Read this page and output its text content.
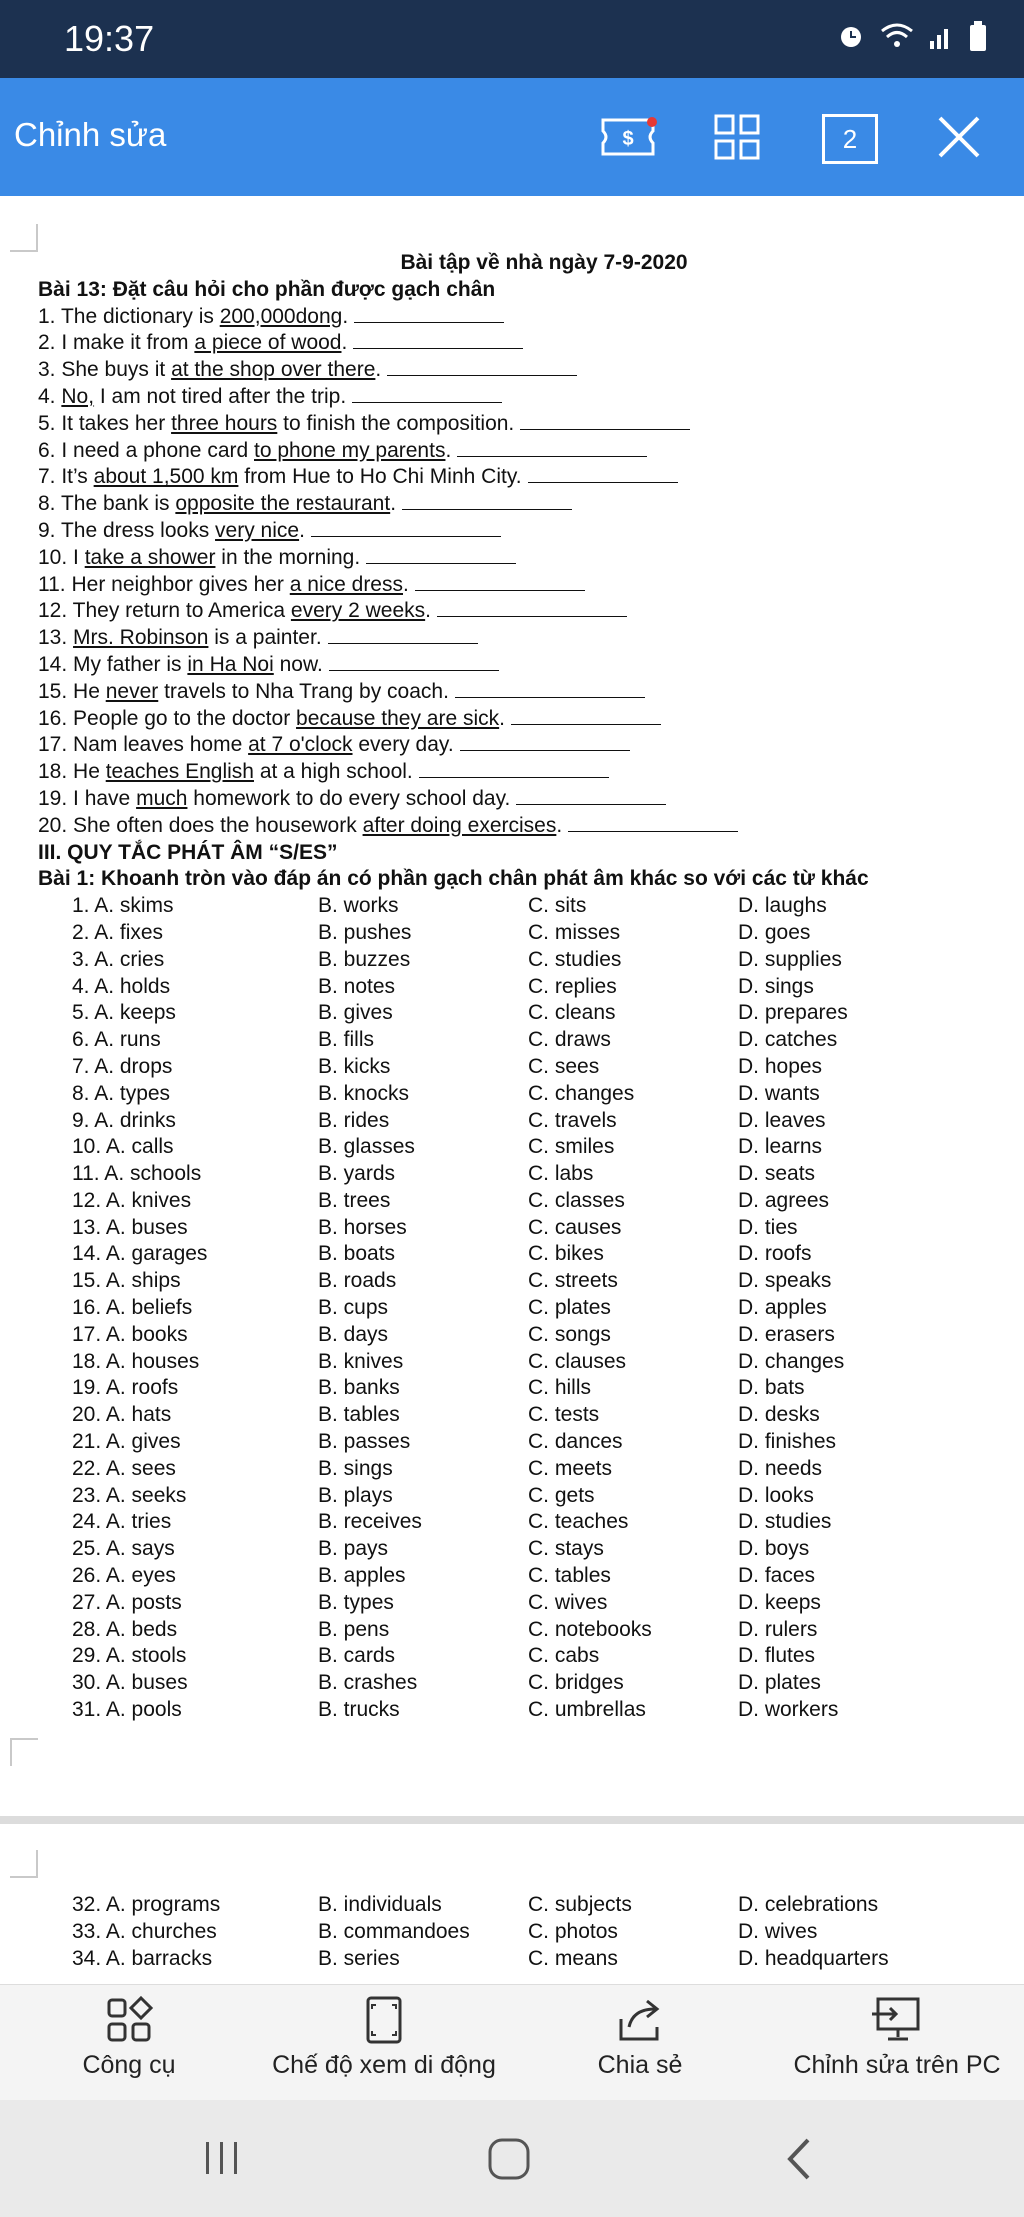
19:37
Chỉnh sửa	$	2
Bài tập về nhà ngày 7-9-2020
Bài 13: Đặt câu hỏi cho phần được gạch chân
1. The dictionary is 200,000dong.
2. I make it from a piece of wood.
3. She buys it at the shop over there.
4. No, I am not tired after the trip.
5. It takes her three hours to finish the composition.
6. I need a phone card to phone my parents.
7. It’s about 1,500 km from Hue to Ho Chi Minh City.
8. The bank is opposite the restaurant.
9. The dress looks very nice.
10. I take a shower in the morning.
11. Her neighbor gives her a nice dress.
12. They return to America every 2 weeks.
13. Mrs. Robinson is a painter.
14. My father is in Ha Noi now.
15. He never travels to Nha Trang by coach.
16. People go to the doctor because they are sick.
17. Nam leaves home at 7 o'clock every day.
18. He teaches English at a high school.
19. I have much homework to do every school day.
20. She often does the housework after doing exercises.
III. QUY TẮC PHÁT ÂM “S/ES”
Bài 1: Khoanh tròn vào đáp án có phần gạch chân phát âm khác so với các từ khác
1. A. skims	B. works	C. sits	D. laughs
2. A. fixes	B. pushes	C. misses	D. goes
3. A. cries	B. buzzes	C. studies	D. supplies
4. A. holds	B. notes	C. replies	D. sings
5. A. keeps	B. gives	C. cleans	D. prepares
6. A. runs	B. fills	C. draws	D. catches
7. A. drops	B. kicks	C. sees	D. hopes
8. A. types	B. knocks	C. changes	D. wants
9. A. drinks	B. rides	C. travels	D. leaves
10. A. calls	B. glasses	C. smiles	D. learns
11. A. schools	B. yards	C. labs	D. seats
12. A. knives	B. trees	C. classes	D. agrees
13. A. buses	B. horses	C. causes	D. ties
14. A. garages	B. boats	C. bikes	D. roofs
15. A. ships	B. roads	C. streets	D. speaks
16. A. beliefs	B. cups	C. plates	D. apples
17. A. books	B. days	C. songs	D. erasers
18. A. houses	B. knives	C. clauses	D. changes
19. A. roofs	B. banks	C. hills	D. bats
20. A. hats	B. tables	C. tests	D. desks
21. A. gives	B. passes	C. dances	D. finishes
22. A. sees	B. sings	C. meets	D. needs
23. A. seeks	B. plays	C. gets	D. looks
24. A. tries	B. receives	C. teaches	D. studies
25. A. says	B. pays	C. stays	D. boys
26. A. eyes	B. apples	C. tables	D. faces
27. A. posts	B. types	C. wives	D. keeps
28. A. beds	B. pens	C. notebooks	D. rulers
29. A. stools	B. cards	C. cabs	D. flutes
30. A. buses	B. crashes	C. bridges	D. plates
31. A. pools	B. trucks	C. umbrellas	D. workers
32. A. programs	B. individuals	C. subjects	D. celebrations
33. A. churches	B. commandoes	C. photos	D. wives
34. A. barracks	B. series	C. means	D. headquarters
Công cụ	Chế độ xem di động	Chia sẻ	Chỉnh sửa trên PC
